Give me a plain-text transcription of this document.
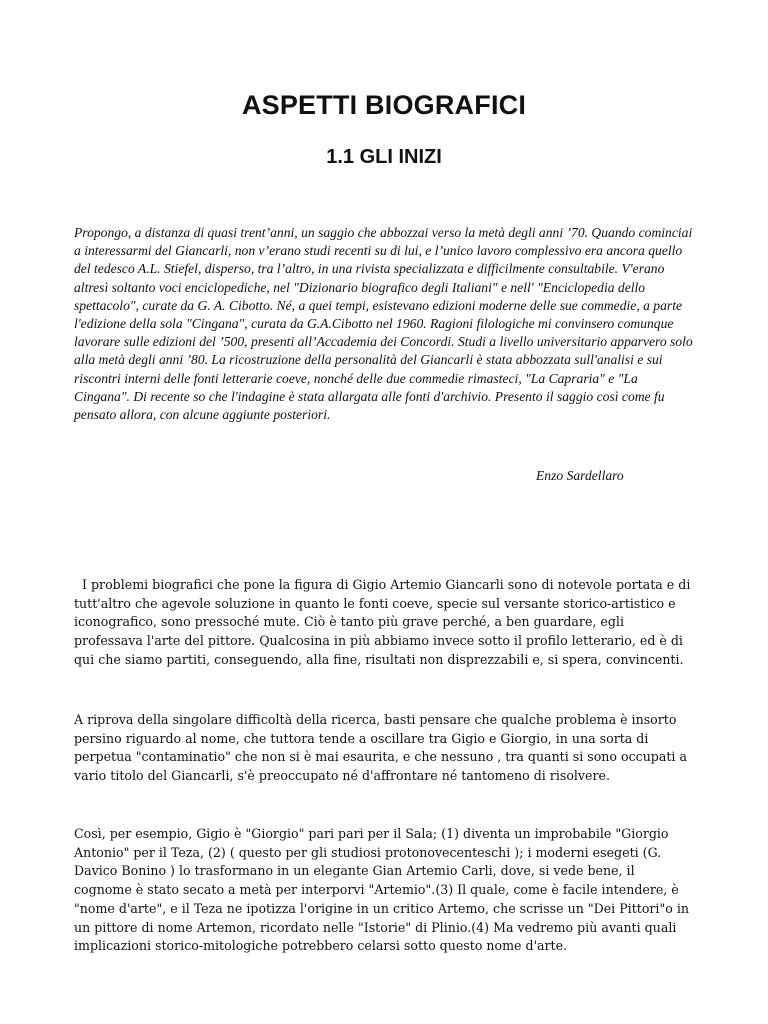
ASPETTI BIOGRAFICI
1.1 GLI INIZI

Propongo, a distanza di quasi trent’anni, un saggio che abbozzai verso la metà degli anni ’70. Quando cominciai a interessarmi del Giancarli, non v’erano studi recenti su di lui, e l’unico lavoro complessivo era ancora quello del tedesco A.L. Stiefel, disperso, tra l’altro, in una rivista specializzata e difficilmente consultabile. V'erano altresì soltanto voci enciclopediche, nel "Dizionario biografico degli Italiani" e nell' "Enciclopedia dello spettacolo", curate da G. A. Cibotto. Né, a quei tempi, esistevano edizioni moderne delle sue commedie, a parte l'edizione della sola "Cingana", curata da G.A.Cibotto nel 1960. Ragioni filologiche mi convinsero comunque lavorare sulle edizioni del ’500, presenti all’Accademia dei Concordi. Studi a livello universitario apparvero solo alla metà degli anni ’80. La ricostruzione della personalità del Giancarli è stata abbozzata sull'analisi e sui riscontri interni delle fonti letterarie coeve, nonché delle due commedie rimasteci, "La Capraria" e "La Cingana". Di recente so che l'indagine è stata allargata alle fonti d'archivio. Presento il saggio così come fu pensato allora, con alcune aggiunte posteriori.

Enzo Sardellaro

I problemi biografici che pone la figura di Gigio Artemio Giancarli sono di notevole portata e di tutt'altro che agevole soluzione in quanto le fonti coeve, specie sul versante storico-artistico e iconografico, sono pressoché mute. Ciò è tanto più grave perché, a ben guardare, egli professava l'arte del pittore. Qualcosina in più abbiamo invece sotto il profilo letterario, ed è di qui che siamo partiti, conseguendo, alla fine, risultati non disprezzabili e, si spera, convincenti.

A riprova della singolare difficoltà della ricerca, basti pensare che qualche problema è insorto persino riguardo al nome, che tuttora tende a oscillare tra Gigio e Giorgio, in una sorta di perpetua "contaminatio" che non si è mai esaurita, e che nessuno , tra quanti si sono occupati a vario titolo del Giancarli, s'è preoccupato né d'affrontare né tantomeno di risolvere.

Così, per esempio, Gigio è "Giorgio" pari pari per il Sala; (1) diventa un improbabile "Giorgio Antonio" per il Teza, (2) ( questo per gli studiosi protonovecenteschi ); i moderni esegeti (G. Davico Bonino ) lo trasformano in un elegante Gian Artemio Carli, dove, si vede bene, il cognome è stato secato a metà per interporvi "Artemio".(3) Il quale, come è facile intendere, è "nome d'arte", e il Teza ne ipotizza l'origine in un critico Artemo, che scrisse un "Dei Pittori"o in un pittore di nome Artemon, ricordato nelle "Istorie" di Plinio.(4) Ma vedremo più avanti quali implicazioni storico-mitologiche potrebbero celarsi sotto questo nome d'arte.
